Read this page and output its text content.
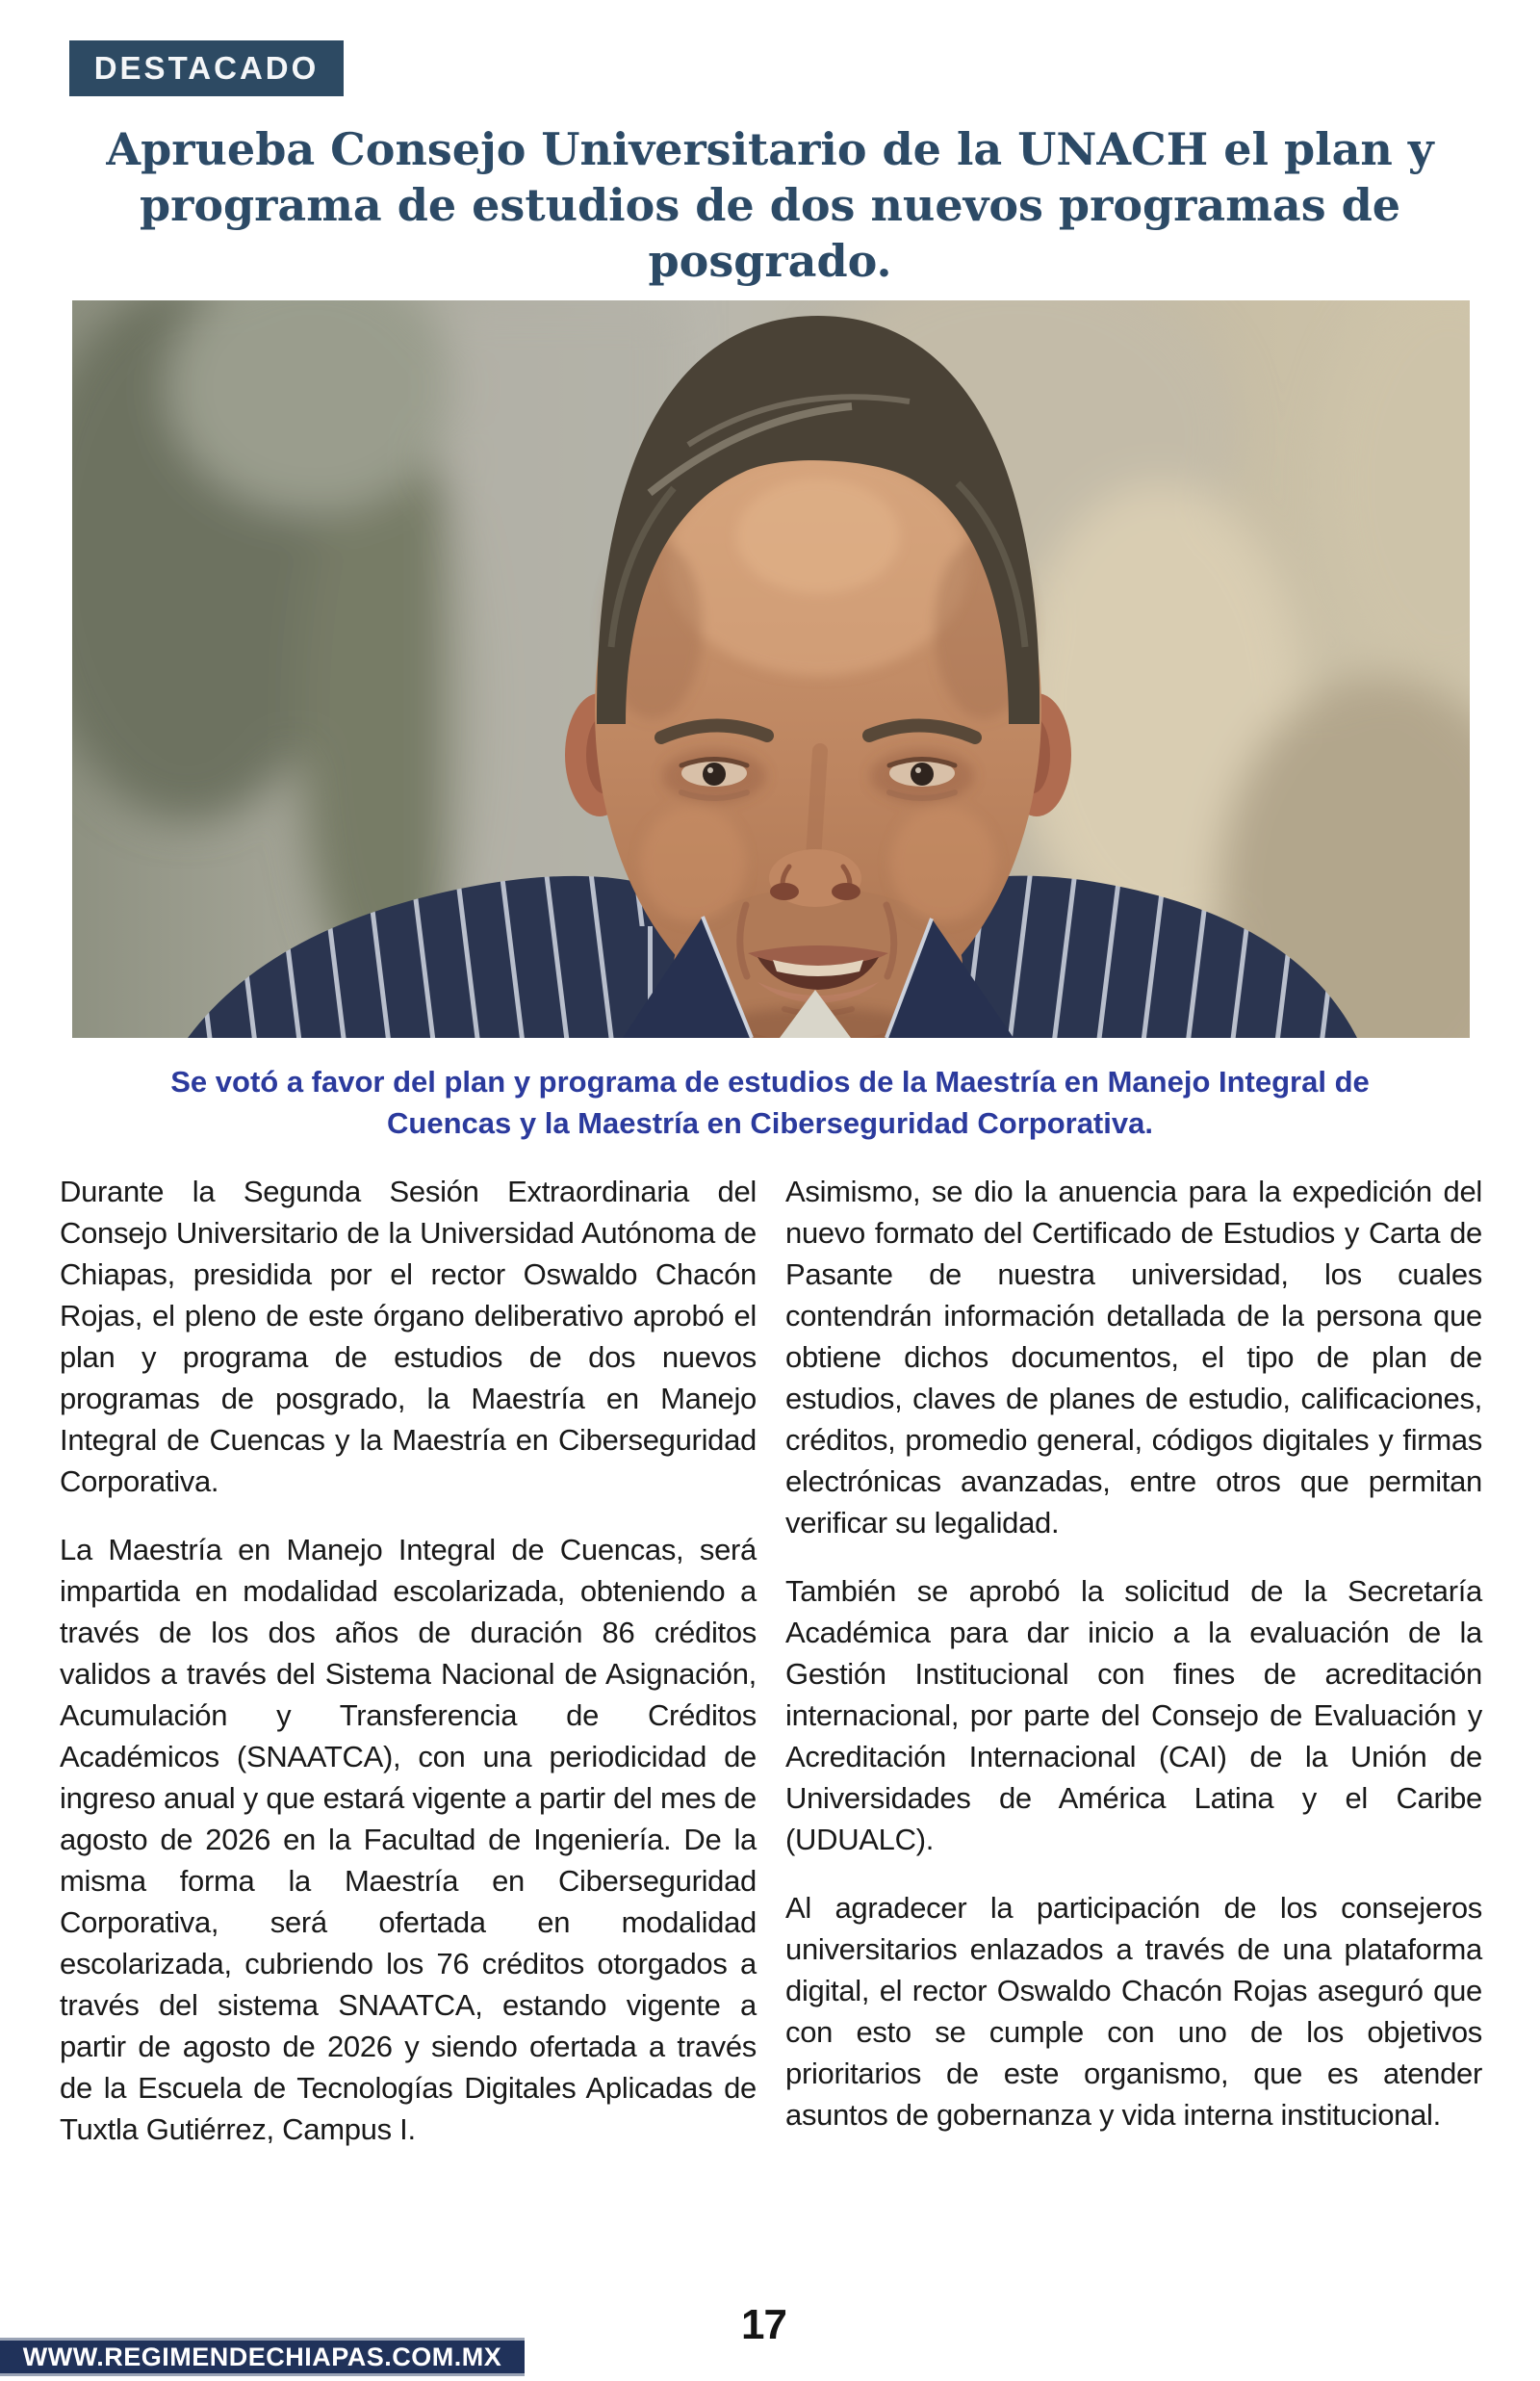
DESTACADO
Aprueba Consejo Universitario de la UNACH el plan y
programa de estudios de dos nuevos programas de posgrado.
Se votó a favor del plan y programa de estudios de la Maestría en Manejo Integral de
Cuencas y la Maestría en Ciberseguridad Corporativa.

Durante la Segunda Sesión Extraordinaria del Consejo Universitario de la Universidad Autónoma de Chiapas, presidida por el rector Oswaldo Chacón Rojas, el pleno de este órgano deliberativo aprobó el plan y programa de estudios de dos nuevos programas de posgrado, la Maestría en Manejo Integral de Cuencas y la Maestría en Ciberseguridad Corporativa.

La Maestría en Manejo Integral de Cuencas, será impartida en modalidad escolarizada, obteniendo a través de los dos años de duración 86 créditos validos a través del Sistema Nacional de Asignación, Acumulación y Transferencia de Créditos Académicos (SNAATCA), con una periodicidad de ingreso anual y que estará vigente a partir del mes de agosto de 2026 en la Facultad de Ingeniería. De la misma forma la Maestría en Ciberseguridad Corporativa, será ofertada en modalidad escolarizada, cubriendo los 76 créditos otorgados a través del sistema SNAATCA, estando vigente a partir de agosto de 2026 y siendo ofertada a través de la Escuela de Tecnologías Digitales Aplicadas de Tuxtla Gutiérrez, Campus I.

Asimismo, se dio la anuencia para la expedición del nuevo formato del Certificado de Estudios y Carta de Pasante de nuestra universidad, los cuales contendrán información detallada de la persona que obtiene dichos documentos, el tipo de plan de estudios, claves de planes de estudio, calificaciones, créditos, promedio general, códigos digitales y firmas electrónicas avanzadas, entre otros que permitan verificar su legalidad.

También se aprobó la solicitud de la Secretaría Académica para dar inicio a la evaluación de la Gestión Institucional con fines de acreditación internacional, por parte del Consejo de Evaluación y Acreditación Internacional (CAI) de la Unión de Universidades de América Latina y el Caribe (UDUALC).

Al agradecer la participación de los consejeros universitarios enlazados a través de una plataforma digital, el rector Oswaldo Chacón Rojas aseguró que con esto se cumple con uno de los objetivos prioritarios de este organismo, que es atender asuntos de gobernanza y vida interna institucional.

17
WWW.REGIMENDECHIAPAS.COM.MX
